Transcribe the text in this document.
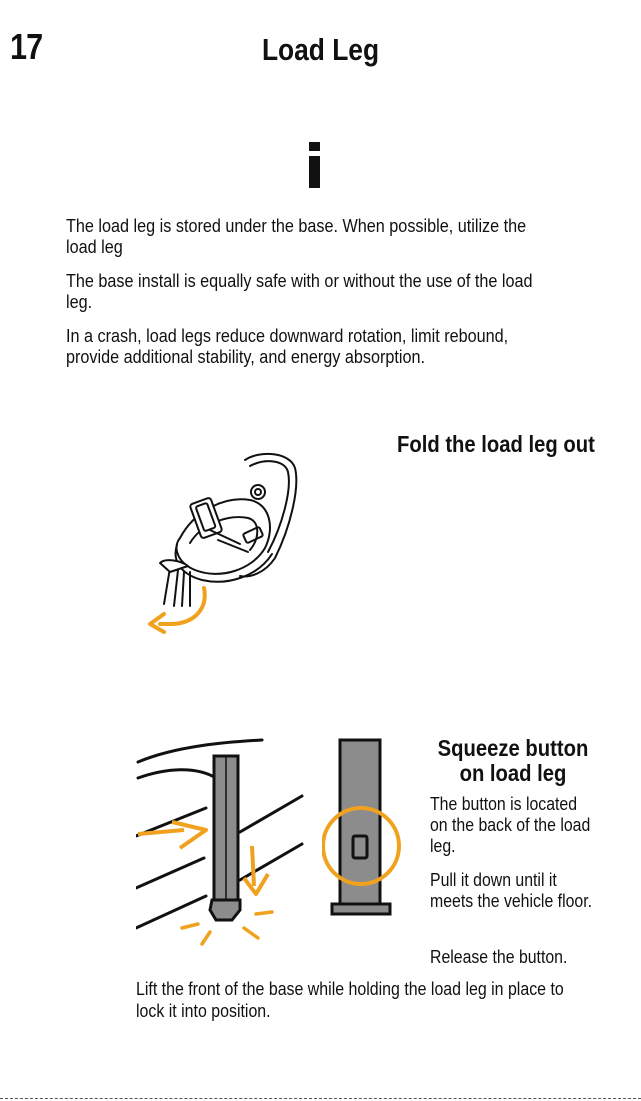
17	Load Leg
The load leg is stored under the base. When possible, utilize the load leg
The base install is equally safe with or without the use of the load leg.
In a crash, load legs reduce downward rotation, limit rebound, provide additional stability, and energy absorption.
Fold the load leg out
Squeeze button
on load leg
The button is located on the back of the load leg.
Pull it down until it meets the vehicle floor.
Release the button.
Lift the front of the base while holding the load leg in place to lock it into position.
